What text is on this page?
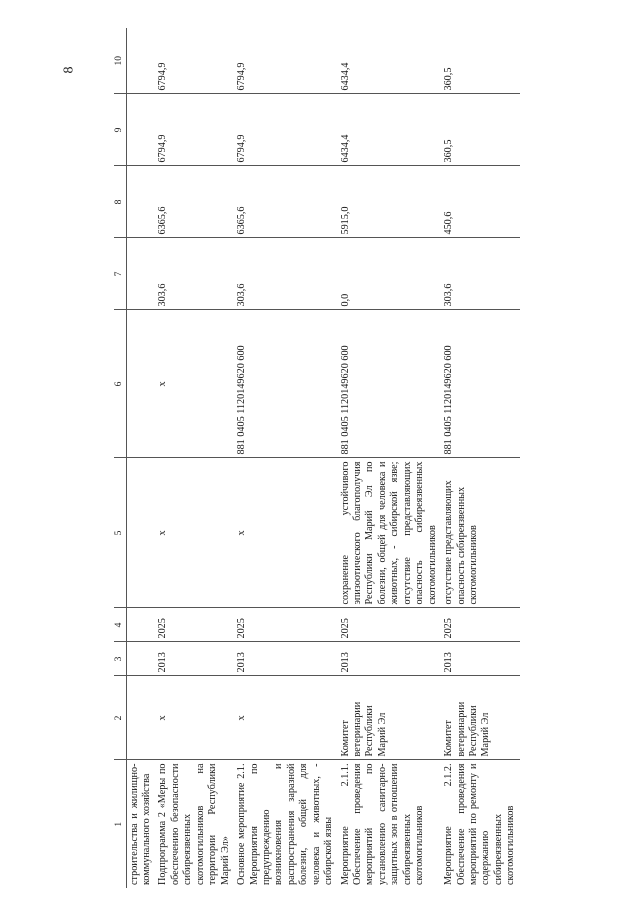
8
1	2	3	4	5	6	7	8	9	10
строительства и жилищно-коммунального хозяйства									
Подпрограмма 2 «Меры по обеспечению безопасности сибиреязвенных скотомогильников на территории Республики Марий Эл»	х	2013	2025	х	х	303,6	6365,6	6794,9	6794,9
Основное мероприятие 2.1. Мероприятия по предупреждению возникновения и распространения заразной болезни, общей для человека и животных, - сибирской язвы	х	2013	2025	х	881 0405 1120149620 600	303,6	6365,6	6794,9	6794,9
Мероприятие 2.1.1. Обеспечение проведения мероприятий по установлению санитарно-защитных зон в отношении сибиреязвенных скотомогильников	Комитет ветеринарии Республики Марий Эл	2013	2025	сохранение устойчивого эпизоотического благополучия Республики Марий Эл по болезни, общей для человека и животных, - сибирской язве; отсутствие представляющих опасность сибиреязвенных скотомогильников	881 0405 1120149620 600	0,0	5915,0	6434,4	6434,4
Мероприятие 2.1.2. Обеспечение проведения мероприятий по ремонту и содержанию сибиреязвенных скотомогильников	Комитет ветеринарии Республики Марий Эл	2013	2025	отсутствие представляющих опасность сибиреязвенных скотомогильников	881 0405 1120149620 600	303,6	450,6	360,5	360,5
